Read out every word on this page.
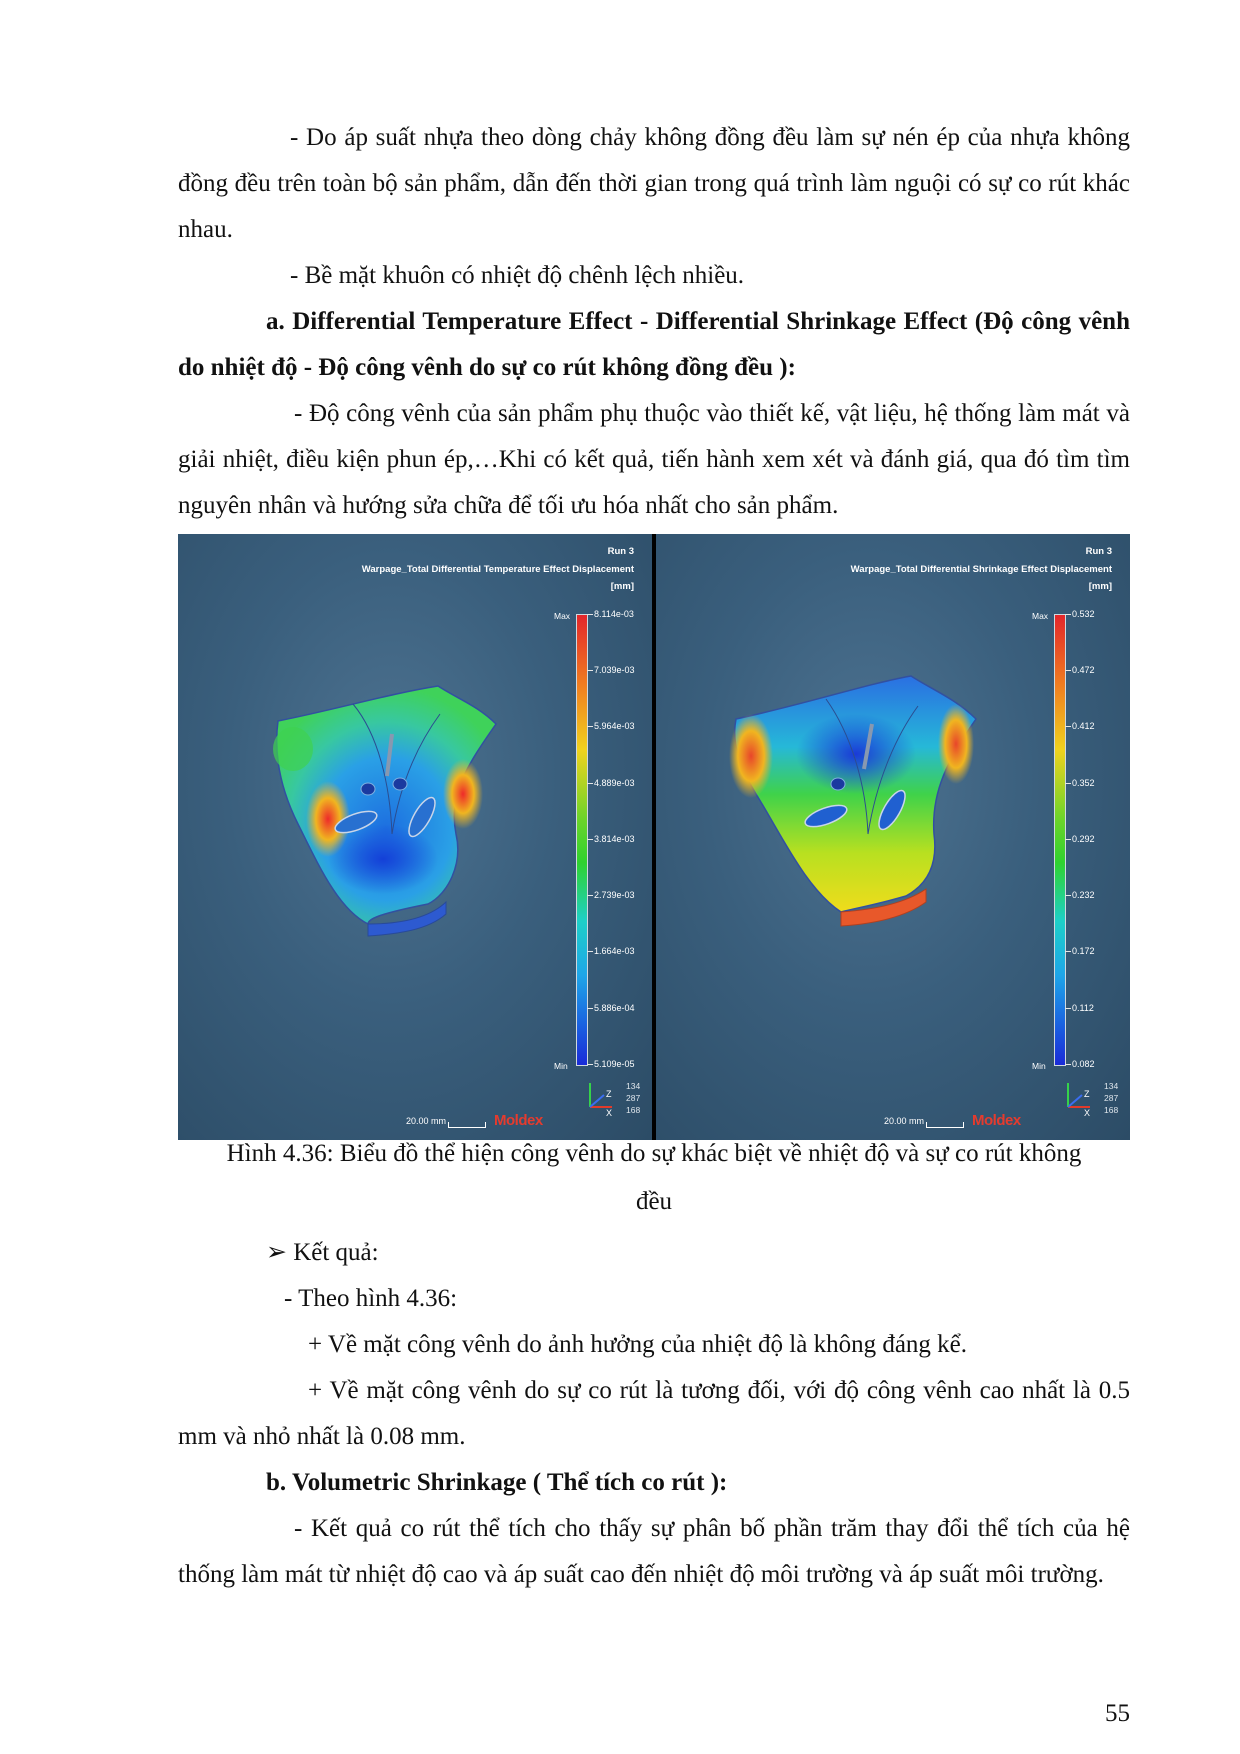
- Do áp suất nhựa theo dòng chảy không đồng đều làm sự nén ép của nhựa không đồng đều trên toàn bộ sản phẩm, dẫn đến thời gian trong quá trình làm nguội có sự co rút khác nhau.

- Bề mặt khuôn có nhiệt độ chênh lệch nhiều.

a. Differential Temperature Effect - Differential Shrinkage Effect (Độ công vênh do nhiệt độ - Độ công vênh do sự co rút không đồng đều ):

- Độ công vênh của sản phẩm phụ thuộc vào thiết kế, vật liệu, hệ thống làm mát và giải nhiệt, điều kiện phun ép,…Khi có kết quả, tiến hành xem xét và đánh giá, qua đó tìm tìm nguyên nhân và hướng sửa chữa để tối ưu hóa nhất cho sản phẩm.

Run 3
Warpage_Total Differential Temperature Effect Displacement
[mm]
Max
Min
8.114e-03
7.039e-03
5.964e-03
4.889e-03
3.814e-03
2.739e-03
1.664e-03
5.886e-04
5.109e-05
Z
X
134
287
168
20.00 mm	Moldex
Run 3
Warpage_Total Differential Shrinkage Effect Displacement
[mm]
Max
Min
0.532
0.472
0.412
0.352
0.292
0.232
0.172
0.112
0.082
Z
X
134
287
168
20.00 mm	Moldex
Hình 4.36: Biểu đồ thể hiện công vênh do sự khác biệt về nhiệt độ và sự co rút không
đều

➢ Kết quả:

- Theo hình 4.36:

+ Về mặt công vênh do ảnh hưởng của nhiệt độ là không đáng kể.

+ Về mặt công vênh do sự co rút là tương đối, với độ công vênh cao nhất là 0.5 mm và nhỏ nhất là 0.08 mm.

b. Volumetric Shrinkage ( Thể tích co rút ):

- Kết quả co rút thể tích cho thấy sự phân bố phần trăm thay đổi thể tích của hệ thống làm mát từ nhiệt độ cao và áp suất cao đến nhiệt độ môi trường và áp suất môi trường.

55
